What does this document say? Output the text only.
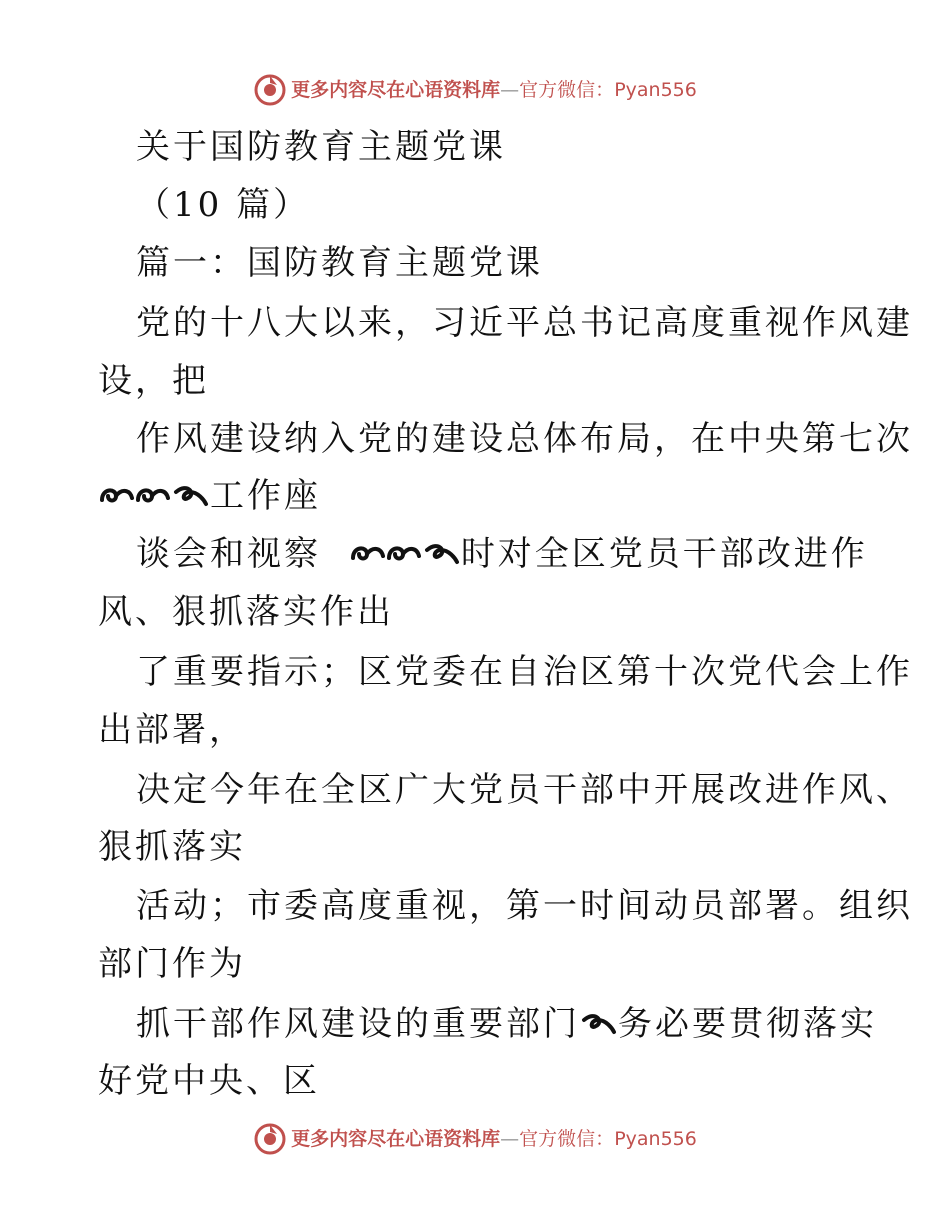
更多内容尽在心语资料库 — 官方微信： Pyan556
关于国防教育主题党课
（10 篇）
篇一：国防教育主题党课
党的十八大以来，习近平总书记高度重视作风建
设，把
作风建设纳入党的建设总体布局，在中央第七次
工作座
谈会和视察	时对全区党员干部改进作
风、狠抓落实作出
了重要指示；区党委在自治区第十次党代会上作
出部署，
决定今年在全区广大党员干部中开展改进作风、
狠抓落实
活动；市委高度重视，第一时间动员部署。组织
部门作为
抓干部作风建设的重要部门 务必要贯彻落实
好党中央、区
更多内容尽在心语资料库 — 官方微信： Pyan556
